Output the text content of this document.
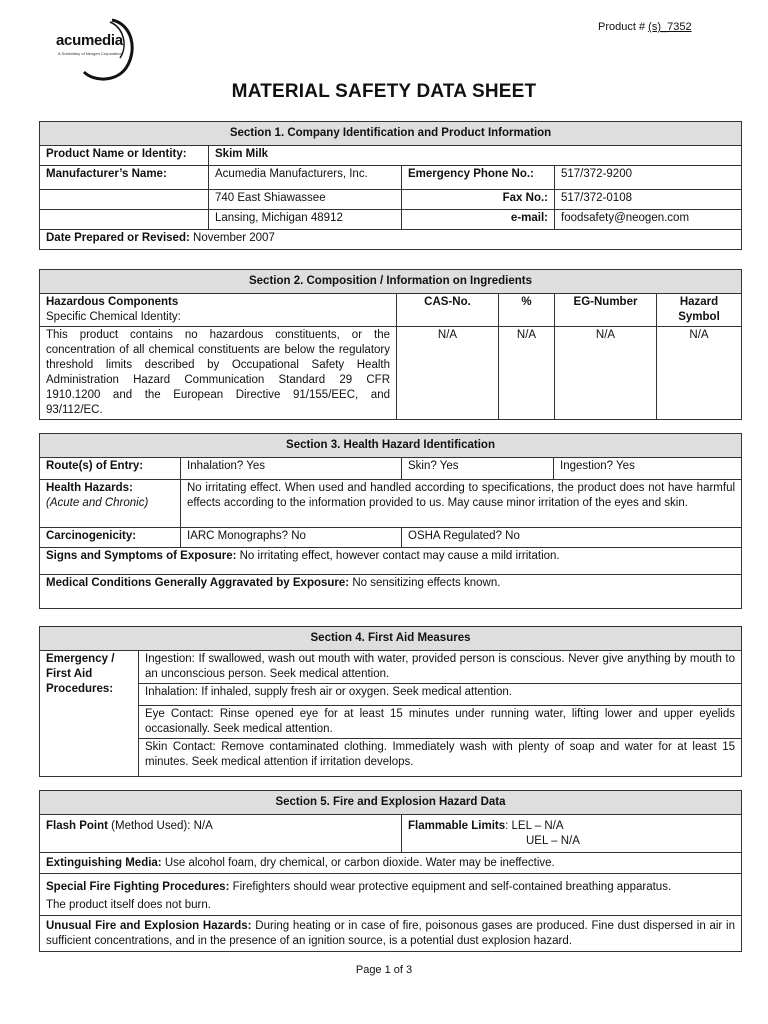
acumedia
A Subsidiary of Neogen Corporation
Product # (s)_7352
MATERIAL SAFETY DATA SHEET
Section 1. Company Identification and Product Information			
Product Name or Identity:	Skim Milk		
Manufacturer’s Name:	Acumedia Manufacturers, Inc.	Emergency Phone No.:	517/372-9200
	740 East Shiawassee	Fax No.:	517/372-0108
	Lansing, Michigan 48912	e-mail:	foodsafety@neogen.com
Date Prepared or Revised: November 2007			
Section 2. Composition / Information on Ingredients				

Hazardous Components
Specific Chemical Identity:	CAS-No.	%	EG-Number	Hazard Symbol
This product contains no hazardous constituents, or the concentration of all chemical constituents are below the regulatory threshold limits described by Occupational Safety Health Administration Hazard Communication Standard 29 CFR 1910.1200 and the European Directive 91/155/EEC, and 93/112/EC.	N/A	N/A	N/A	N/A
Section 3. Health Hazard Identification			
Route(s) of Entry:	Inhalation? Yes	Skin? Yes	Ingestion? Yes

Health Hazards:
(Acute and Chronic)	No irritating effect. When used and handled according to specifications, the product does not have harmful effects according to the information provided to us. May cause minor irritation of the eyes and skin.		
Carcinogenicity:	IARC Monographs? No	OSHA Regulated? No	
Signs and Symptoms of Exposure: No irritating effect, however contact may cause a mild irritation.			
Medical Conditions Generally Aggravated by Exposure: No sensitizing effects known.			
Section 4. First Aid Measures

Emergency /
First Aid
Procedures:
	Ingestion: If swallowed, wash out mouth with water, provided person is conscious. Never give anything by mouth to an unconscious person. Seek medical attention.
Inhalation: If inhaled, supply fresh air or oxygen. Seek medical attention.
Eye Contact: Rinse opened eye for at least 15 minutes under running water, lifting lower and upper eyelids occasionally. Seek medical attention.
Skin Contact: Remove contaminated clothing. Immediately wash with plenty of soap and water for at least 15 minutes. Seek medical attention if irritation develops.
Section 5. Fire and Explosion Hazard Data
Flash Point (Method Used): N/A	Flammable Limits: LEL – N/A
UEL – N/A

Extinguishing Media: Use alcohol foam, dry chemical, or carbon dioxide. Water may be ineffective.

Special Fire Fighting Procedures: Firefighters should wear protective equipment and self-contained breathing apparatus.
The product itself does not burn.

Unusual Fire and Explosion Hazards: During heating or in case of fire, poisonous gases are produced. Fine dust dispersed in air in sufficient concentrations, and in the presence of an ignition source, is a potential dust explosion hazard.
Page 1 of 3
